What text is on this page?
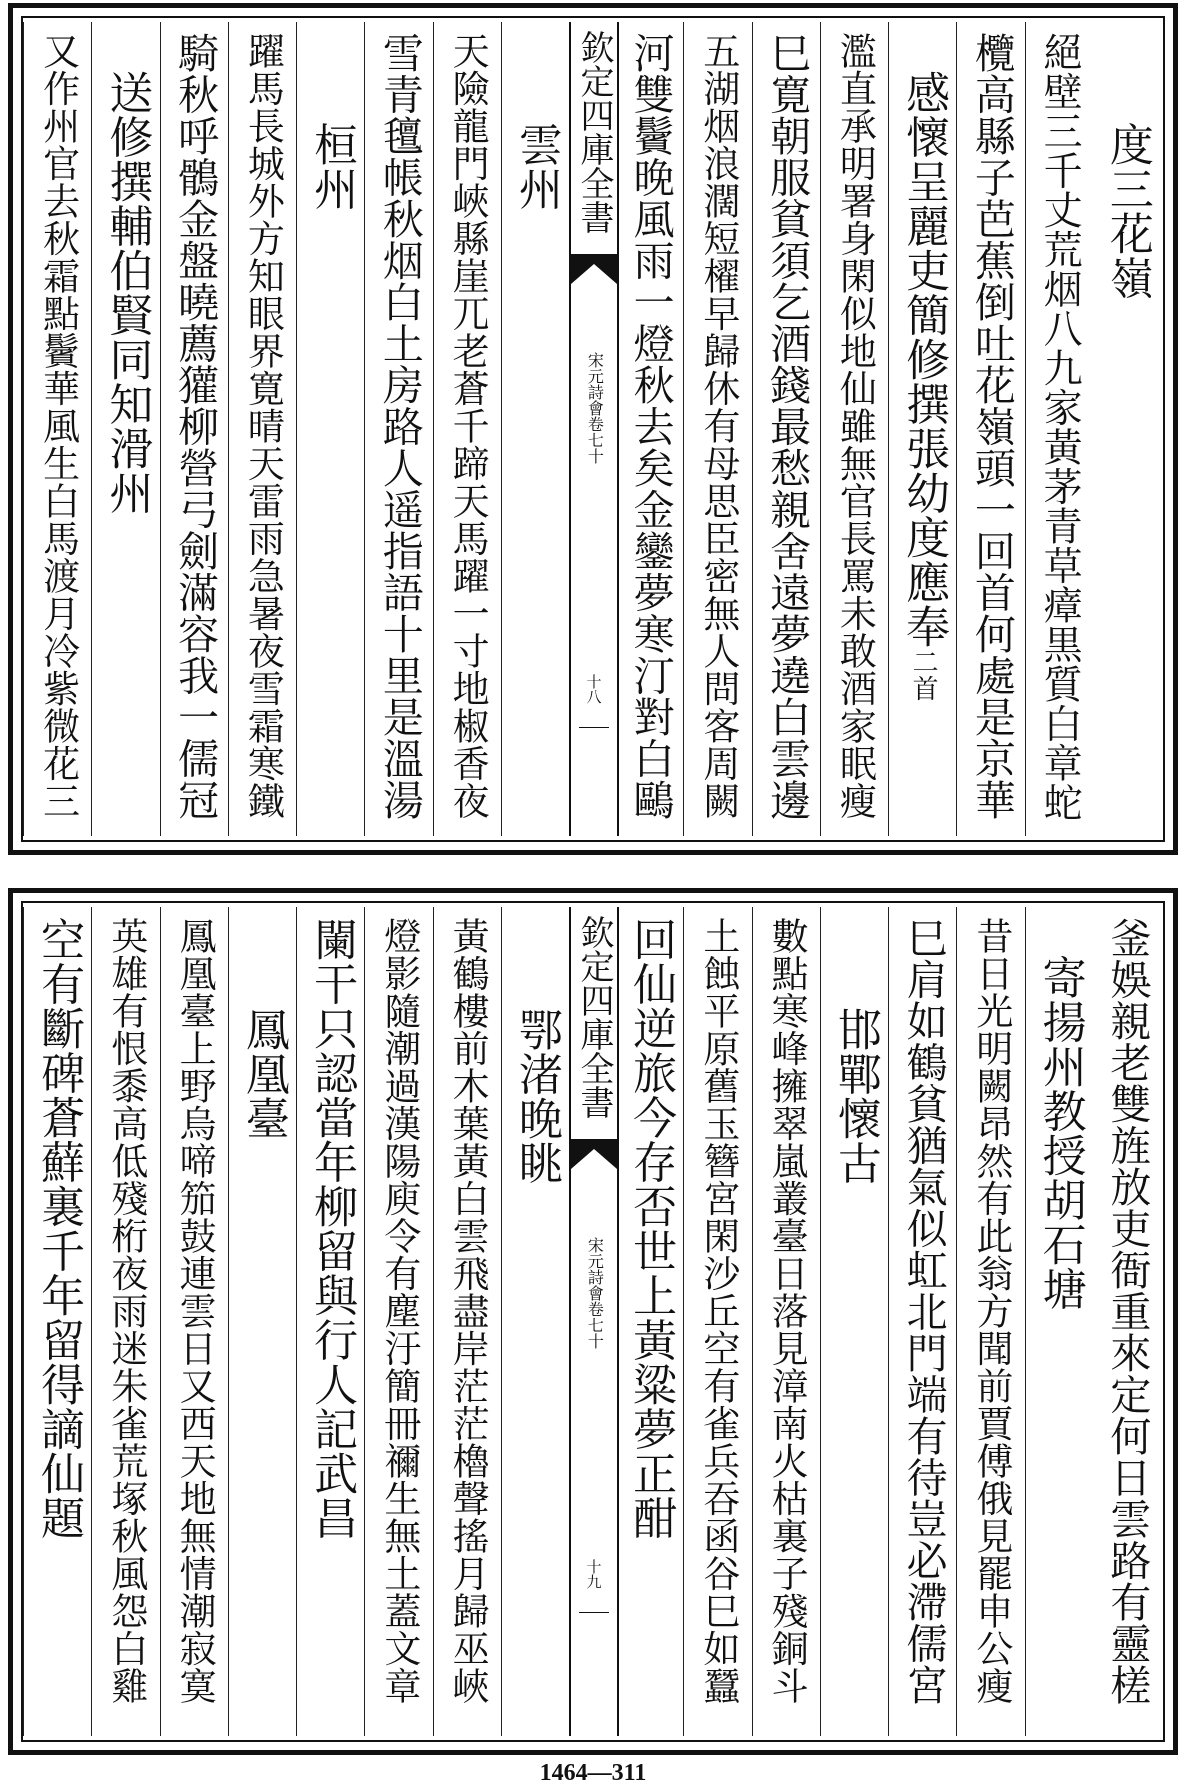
度三花嶺
絕壁三千丈荒烟八九家黃茅青草瘴黒質白章蛇
欖高縣子芭蕉倒吐花嶺頭一回首何處是京華
感懷呈麗吏簡修撰張幼度應奉二首
濫直承明署身閑似地仙雖無官長罵未敢酒家眠瘦
巳寛朝服貧須乞酒錢最愁親舍遠夢遶白雲邊
五湖烟浪濶短櫂早歸休有母思臣密無人問客周闕
河雙鬢晚風雨一燈秋去矣金鑾夢寒汀對白鷗
欽定四庫全書
宋元詩會卷七十
十八
雲州
天險龍門峽縣崖兀老蒼千蹄天馬躍一寸地椒香夜
雪青氊帳秋烟白土房路人遥指語十里是溫湯
桓州
躍馬長城外方知眼界寛晴天雷雨急暑夜雪霜寒鐵
騎秋呼鶻金盤曉薦獾柳營弓劍滿容我一儒冠
送修撰輔伯賢同知滑州
又作州官去秋霜點鬢華風生白馬渡月冷紫微花三
釜娛親老雙旌放吏衙重來定何日雲路有靈槎
寄揚州教授胡石塘
昔日光明闕昂然有此翁方聞前賈傅俄見罷申公瘦
巳肩如鶴貧猶氣似虹北門端有待豈必滯儒宮
邯鄲懷古
數點寒峰擁翠嵐叢臺日落見漳南火枯裏子殘銅斗
土蝕平原舊玉簪宮閑沙丘空有雀兵吞函谷巳如蠶
回仙逆旅今存否世上黃粱夢正酣
欽定四庫全書
宋元詩會卷七十
十九
鄂渚晚眺
黃鶴樓前木葉黃白雲飛盡岸茫茫櫓聲搖月歸巫峽
燈影隨潮過漢陽庾令有塵汙簡冊禰生無土蓋文章
闌干只認當年柳留與行人記武昌
鳳凰臺
鳳凰臺上野烏啼笳鼓連雲日又西天地無情潮寂寞
英雄有恨黍高低殘桁夜雨迷朱雀荒塚秋風怨白雞
空有斷碑蒼蘚裏千年留得謫仙題
1464—311
